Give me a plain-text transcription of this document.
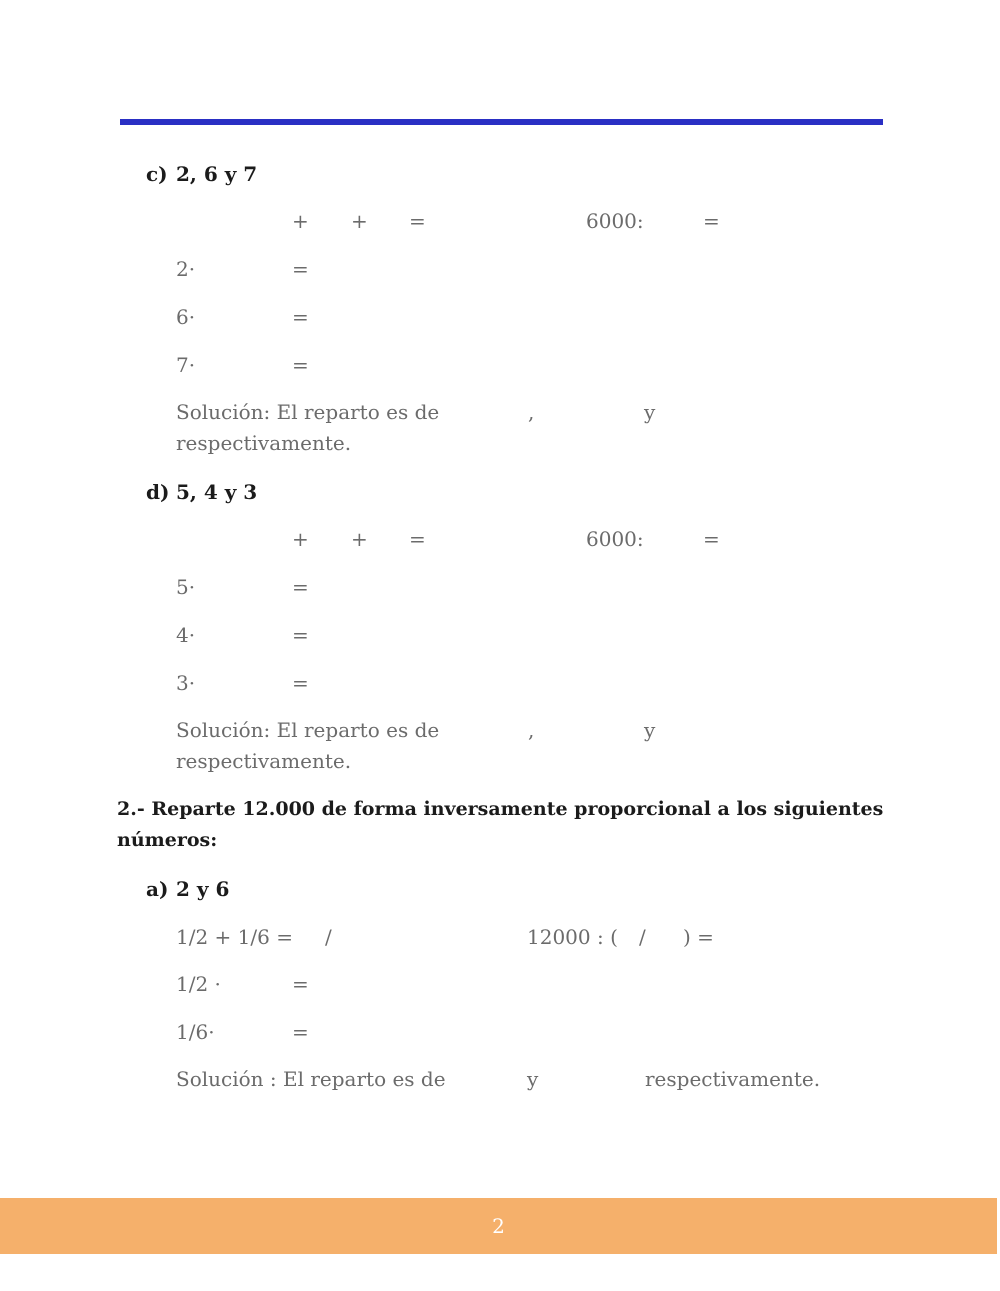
c) 2, 6 y 7
+ + =	6000:	=
2·	=
6·	=
7·	=
Solución: El reparto es de	,	y
respectivamente.
d) 5, 4 y 3
+ + =	6000:	=
5·	=
4·	=
3·	=
Solución: El reparto es de	,	y
respectivamente.
2.- Reparte 12.000 de forma inversamente proporcional a los siguientes
números:
a) 2 y 6
1/2 + 1/6 = /	12000 : ( / ) =
1/2 ·	=
1/6·	=
Solución : El reparto es de	y	respectivamente.
2
